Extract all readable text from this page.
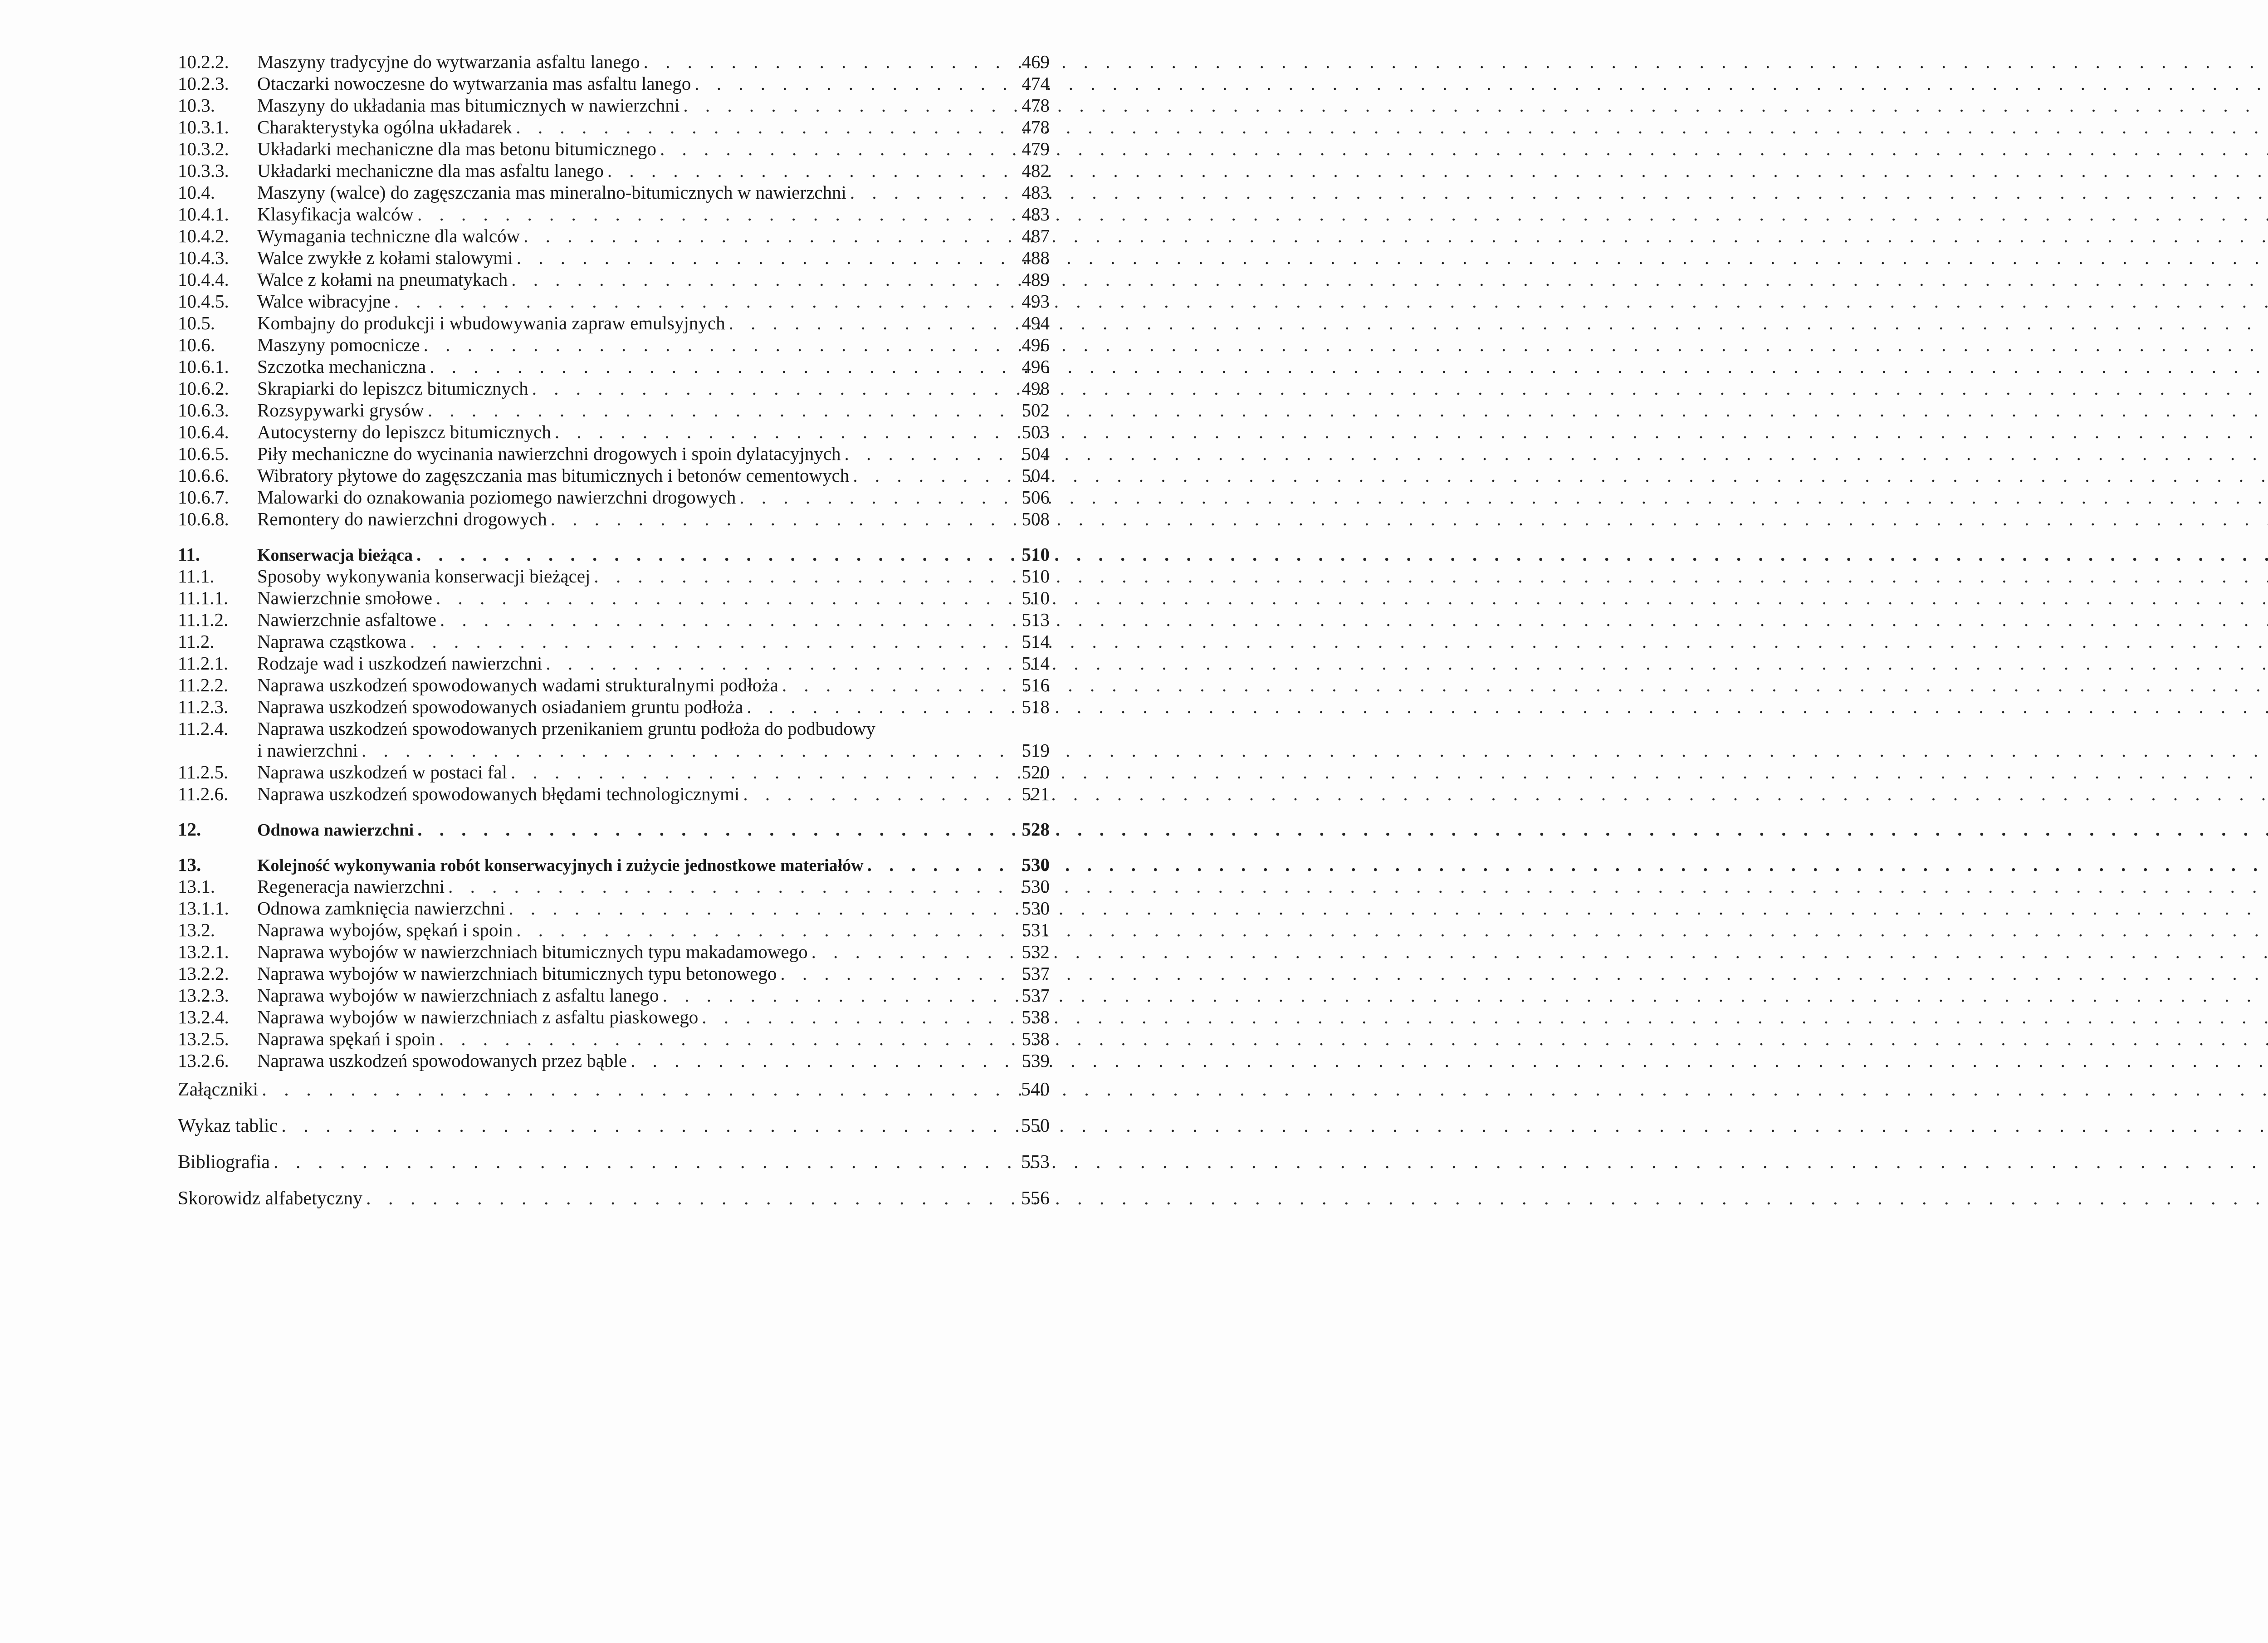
10.2.2.	Maszyny tradycyjne do wytwarzania asfaltu lanego . . .	469
10.2.3.	Otaczarki nowoczesne do wytwarzania mas asfaltu lanego . . .	474
10.3.	Maszyny do układania mas bitumicznych w nawierzchni . . .	478
10.3.1.	Charakterystyka ogólna układarek . . .	478
10.3.2.	Układarki mechaniczne dla mas betonu bitumicznego . . .	479
10.3.3.	Układarki mechaniczne dla mas asfaltu lanego . . .	482
10.4.	Maszyny (walce) do zagęszczania mas mineralno-bitumicznych w nawierzchni . . .	483
10.4.1.	Klasyfikacja walców . . .	483
10.4.2.	Wymagania techniczne dla walców . . .	487
10.4.3.	Walce zwykłe z kołami stalowymi . . .	488
10.4.4.	Walce z kołami na pneumatykach . . .	489
10.4.5.	Walce wibracyjne . . .	493
10.5.	Kombajny do produkcji i wbudowywania zapraw emulsyjnych . . .	494
10.6.	Maszyny pomocnicze . . .	496
10.6.1.	Szczotka mechaniczna . . .	496
10.6.2.	Skrapiarki do lepiszcz bitumicznych . . .	498
10.6.3.	Rozsypywarki grysów . . .	502
10.6.4.	Autocysterny do lepiszcz bitumicznych . . .	503
10.6.5.	Piły mechaniczne do wycinania nawierzchni drogowych i spoin dylatacyjnych . . .	504
10.6.6.	Wibratory płytowe do zagęszczania mas bitumicznych i betonów cementowych . . .	504
10.6.7.	Malowarki do oznakowania poziomego nawierzchni drogowych . . .	506
10.6.8.	Remontery do nawierzchni drogowych . . .	508
11.	Konserwacja bieżąca . . .	510
11.1.	Sposoby wykonywania konserwacji bieżącej . . .	510
11.1.1.	Nawierzchnie smołowe . . .	510
11.1.2.	Nawierzchnie asfaltowe . . .	513
11.2.	Naprawa cząstkowa . . .	514
11.2.1.	Rodzaje wad i uszkodzeń nawierzchni . . .	514
11.2.2.	Naprawa uszkodzeń spowodowanych wadami strukturalnymi podłoża . . .	516
11.2.3.	Naprawa uszkodzeń spowodowanych osiadaniem gruntu podłoża . . .	518
11.2.4.	Naprawa uszkodzeń spowodowanych przenikaniem gruntu podłoża do podbudowy
i nawierzchni . . .	519
11.2.5.	Naprawa uszkodzeń w postaci fal . . .	520
11.2.6.	Naprawa uszkodzeń spowodowanych błędami technologicznymi . . .	521
12.	Odnowa nawierzchni . . .	528
13.	Kolejność wykonywania robót konserwacyjnych i zużycie jednostkowe materiałów . . .	530
13.1.	Regeneracja nawierzchni . . .	530
13.1.1.	Odnowa zamknięcia nawierzchni . . .	530
13.2.	Naprawa wybojów, spękań i spoin . . .	531
13.2.1.	Naprawa wybojów w nawierzchniach bitumicznych typu makadamowego . . .	532
13.2.2.	Naprawa wybojów w nawierzchniach bitumicznych typu betonowego . . .	537
13.2.3.	Naprawa wybojów w nawierzchniach z asfaltu lanego . . .	537
13.2.4.	Naprawa wybojów w nawierzchniach z asfaltu piaskowego . . .	538
13.2.5.	Naprawa spękań i spoin . . .	538
13.2.6.	Naprawa uszkodzeń spowodowanych przez bąble . . .	539
Załączniki . . .	540
Wykaz tablic . . .	550
Bibliografia . . .	553
Skorowidz alfabetyczny . . .	556
